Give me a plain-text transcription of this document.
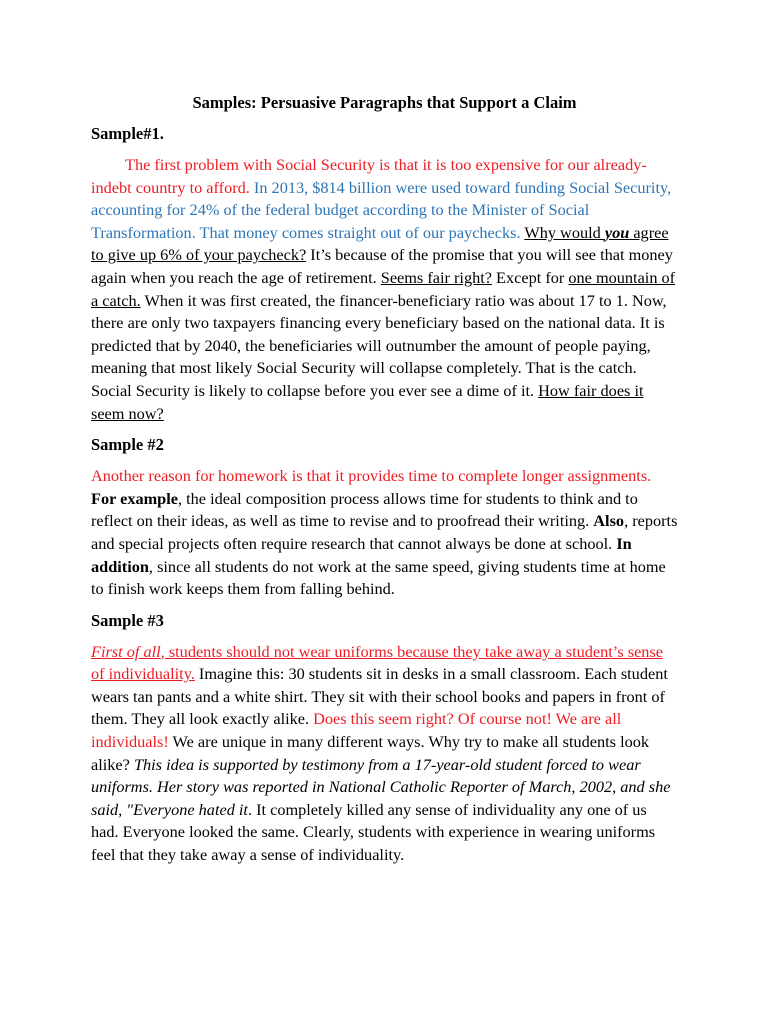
Samples: Persuasive Paragraphs that Support a Claim
Sample#1.

The first problem with Social Security is that it is too expensive for our already-indebt country to afford. In 2013, $814 billion were used toward funding Social Security, accounting for 24% of the federal budget according to the Minister of Social Transformation. That money comes straight out of our paychecks. Why would you agree to give up 6% of your paycheck? It’s because of the promise that you will see that money again when you reach the age of retirement. Seems fair right? Except for one mountain of a catch. When it was first created, the financer-beneficiary ratio was about 17 to 1. Now, there are only two taxpayers financing every beneficiary based on the national data. It is predicted that by 2040, the beneficiaries will outnumber the amount of people paying, meaning that most likely Social Security will collapse completely. That is the catch. Social Security is likely to collapse before you ever see a dime of it. How fair does it seem now?

Sample #2

Another reason for homework is that it provides time to complete longer assignments. For example, the ideal composition process allows time for students to think and to reflect on their ideas, as well as time to revise and to proofread their writing. Also, reports and special projects often require research that cannot always be done at school. In addition, since all students do not work at the same speed, giving students time at home to finish work keeps them from falling behind.

Sample #3

First of all, students should not wear uniforms because they take away a student’s sense of individuality. Imagine this: 30 students sit in desks in a small classroom. Each student wears tan pants and a white shirt. They sit with their school books and papers in front of them. They all look exactly alike. Does this seem right? Of course not! We are all individuals! We are unique in many different ways. Why try to make all students look alike? This idea is supported by testimony from a 17-year-old student forced to wear uniforms. Her story was reported in National Catholic Reporter of March, 2002, and she said, "Everyone hated it. It completely killed any sense of individuality any one of us had. Everyone looked the same. Clearly, students with experience in wearing uniforms feel that they take away a sense of individuality.
